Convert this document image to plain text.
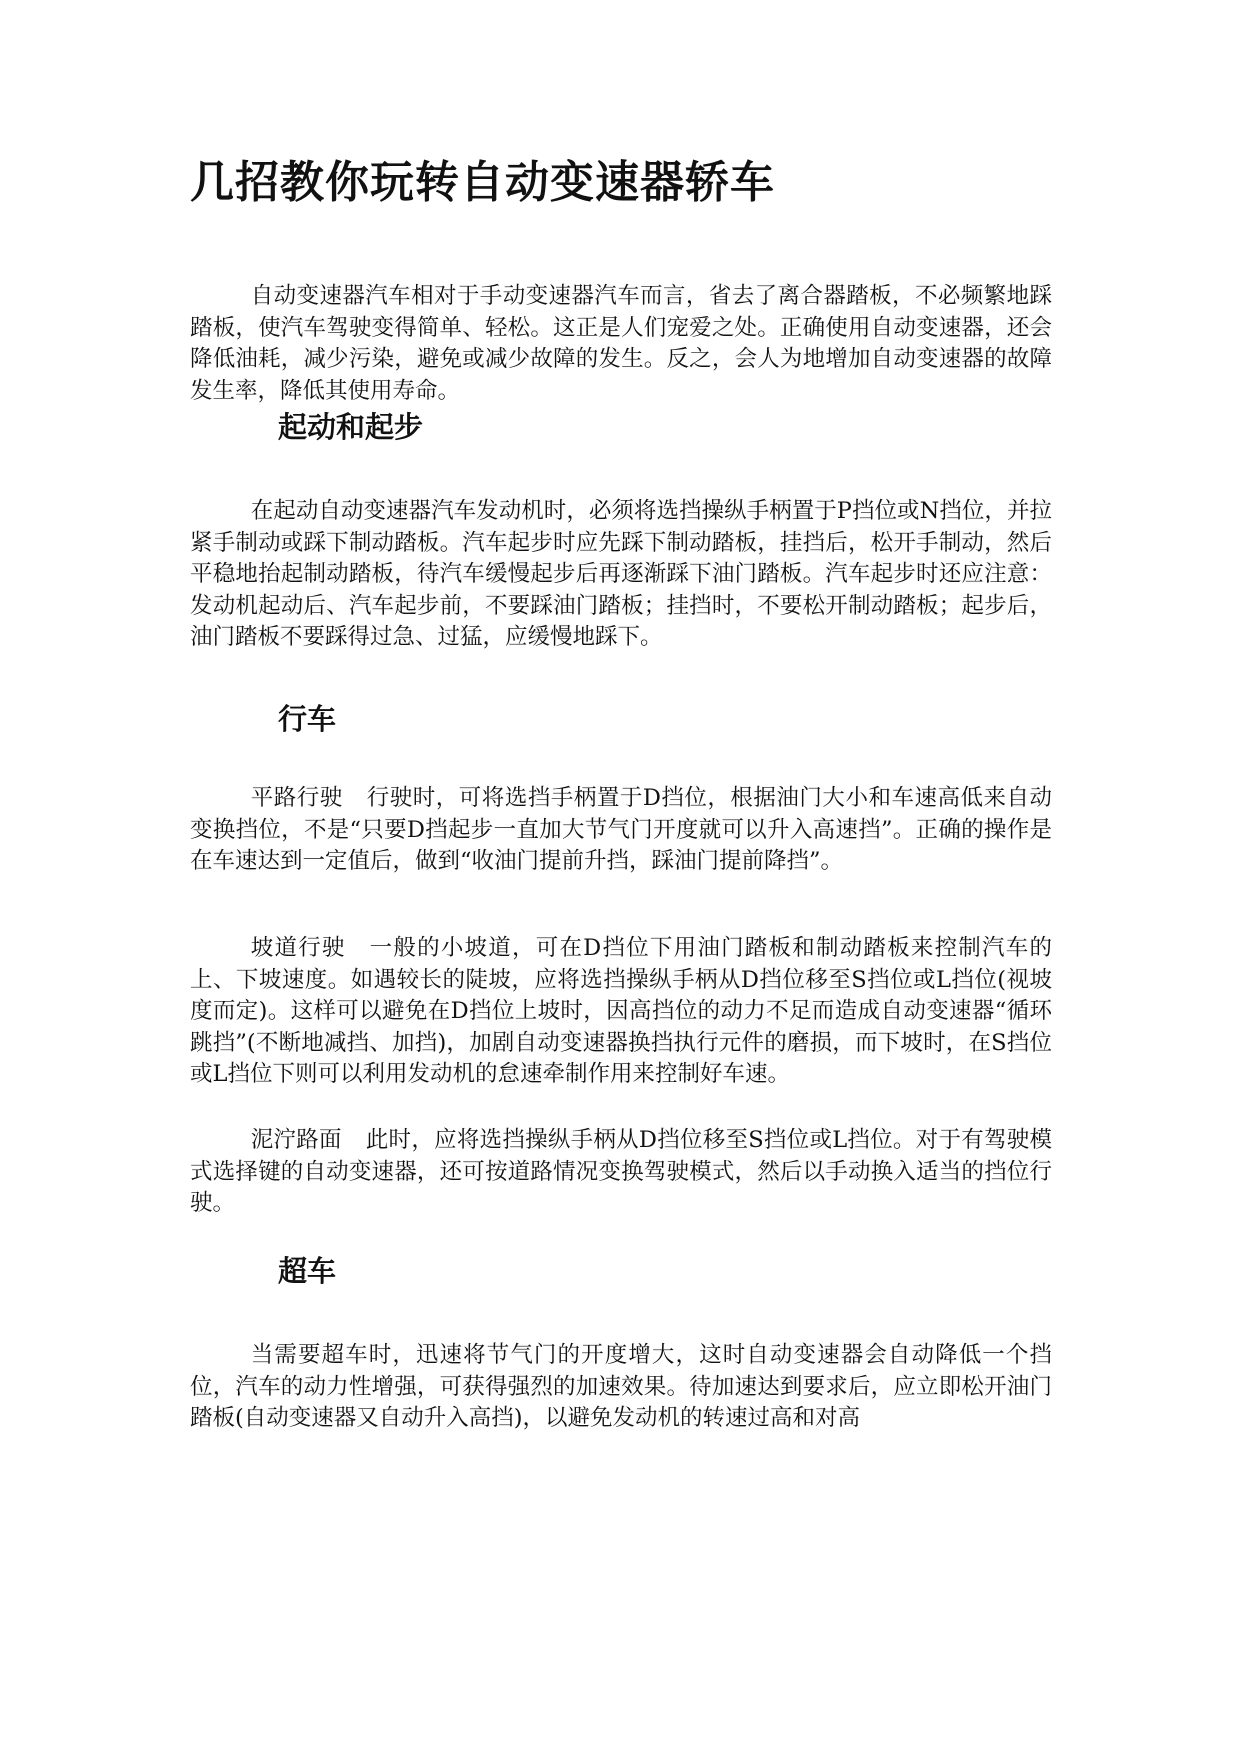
几招教你玩转自动变速器轿车

自动变速器汽车相对于手动变速器汽车而言，省去了离合器踏板，不必频繁地踩踏板，使汽车驾驶变得简单、轻松。这正是人们宠爱之处。正确使用自动变速器，还会降低油耗，减少污染，避免或减少故障的发生。反之，会人为地增加自动变速器的故障发生率，降低其使用寿命。

起动和起步

在起动自动变速器汽车发动机时，必须将选挡操纵手柄置于P挡位或N挡位，并拉紧手制动或踩下制动踏板。汽车起步时应先踩下制动踏板，挂挡后，松开手制动，然后平稳地抬起制动踏板，待汽车缓慢起步后再逐渐踩下油门踏板。汽车起步时还应注意：发动机起动后、汽车起步前，不要踩油门踏板；挂挡时，不要松开制动踏板；起步后，油门踏板不要踩得过急、过猛，应缓慢地踩下。

行车

平路行驶 行驶时，可将选挡手柄置于D挡位，根据油门大小和车速高低来自动变换挡位，不是“只要D挡起步一直加大节气门开度就可以升入高速挡”。正确的操作是在车速达到一定值后，做到“收油门提前升挡，踩油门提前降挡”。

坡道行驶 一般的小坡道，可在D挡位下用油门踏板和制动踏板来控制汽车的上、下坡速度。如遇较长的陡坡，应将选挡操纵手柄从D挡位移至S挡位或L挡位(视坡度而定)。这样可以避免在D挡位上坡时，因高挡位的动力不足而造成自动变速器“循环跳挡”(不断地减挡、加挡)，加剧自动变速器换挡执行元件的磨损，而下坡时，在S挡位或L挡位下则可以利用发动机的怠速牵制作用来控制好车速。

泥泞路面 此时，应将选挡操纵手柄从D挡位移至S挡位或L挡位。对于有驾驶模式选择键的自动变速器，还可按道路情况变换驾驶模式，然后以手动换入适当的挡位行驶。

超车

当需要超车时，迅速将节气门的开度增大，这时自动变速器会自动降低一个挡位，汽车的动力性增强，可获得强烈的加速效果。待加速达到要求后，应立即松开油门踏板(自动变速器又自动升入高挡)，以避免发动机的转速过高和对高
